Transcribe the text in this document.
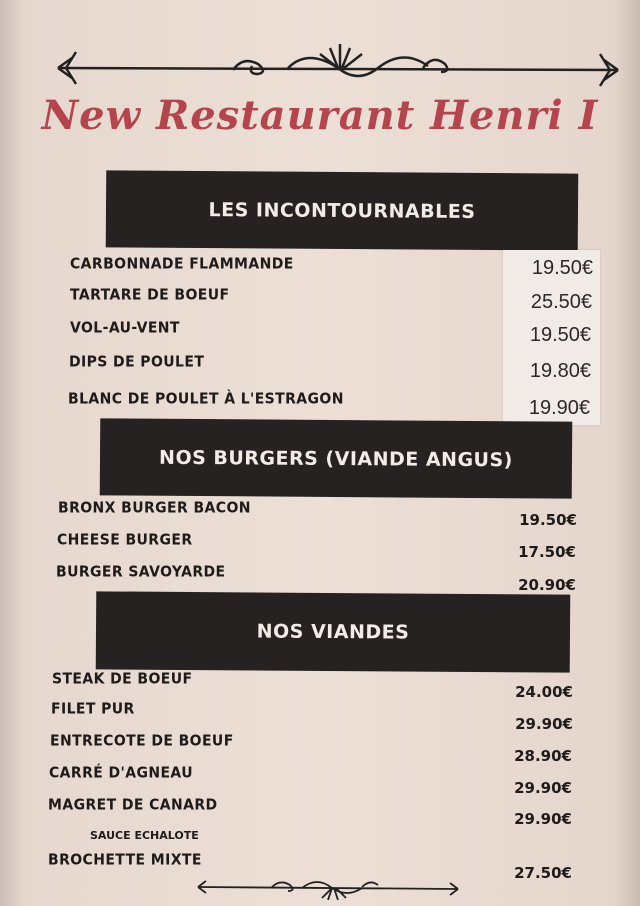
New Restaurant Henri I
LES INCONTOURNABLES
CARBONNADE FLAMMANDE
TARTARE DE BOEUF
VOL-AU-VENT
DIPS DE POULET
BLANC DE POULET À L'ESTRAGON
19.50€
25.50€
19.50€
19.80€
19.90€
NOS BURGERS (VIANDE ANGUS)
BRONX BURGER BACON
CHEESE BURGER
BURGER SAVOYARDE
19.50€
17.50€
20.90€
NOS VIANDES
STEAK DE BOEUF
FILET PUR
ENTRECOTE DE BOEUF
CARRÉ D'AGNEAU
MAGRET DE CANARD
SAUCE ECHALOTE
BROCHETTE MIXTE
24.00€
29.90€
28.90€
29.90€
29.90€
27.50€
